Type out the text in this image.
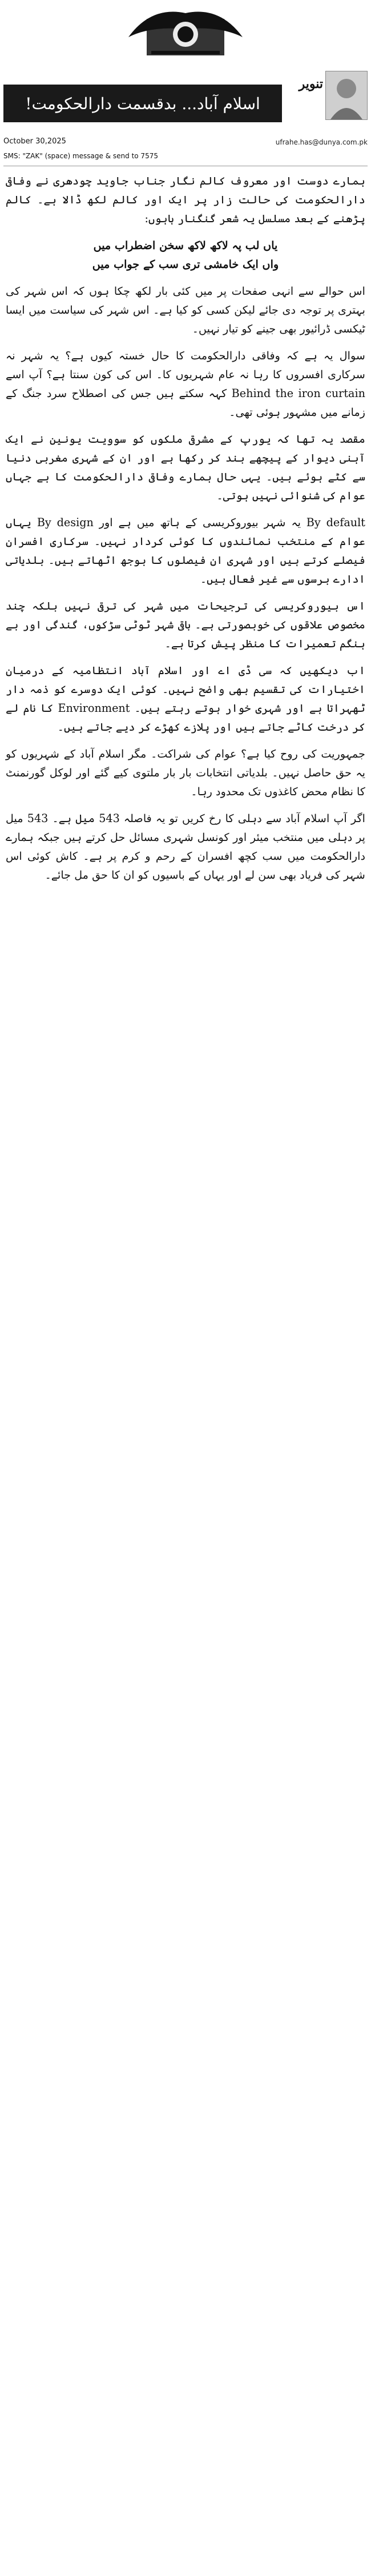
اسلام آباد... بدقسمت دارالحکومت!
تنویر
ufrahe.has@dunya.com.pk
October 30,2025
SMS: "ZAK" (space) message & send to 7575

ہمارے دوست اور معروف کالم نگار جناب جاوید چودھری نے وفاقی دارالحکومت کی حالت زار پر ایک اور کالم لکھ ڈالا ہے۔ کالم پڑھنے کے بعد مسلسل یہ شعر گنگنار ہاہوں:

یاں لب پہ لاکھ لاکھ سخن اضطراب میں

واں ایک خامشی تری سب کے جواب میں

اس حوالے سے انہی صفحات پر میں کئی بار لکھ چکا ہوں کہ اس شہر کی بہتری پر توجہ دی جائے لیکن کسی کو کیا ہے۔ اس شہر کی سیاست میں ایسا ٹیکسی ڈرائیور بھی جینے کو تیار نہیں۔

سوال یہ ہے کہ وفاقی دارالحکومت کا حال خستہ کیوں ہے؟ یہ شہر نہ سرکاری افسروں کا رہا نہ عام شہریوں کا۔ اس کی کون سنتا ہے؟ آپ اسے Behind the iron curtain کہہ سکتے ہیں جس کی اصطلاح سرد جنگ کے زمانے میں مشہور ہوئی تھی۔

مقصد یہ تھا کہ یورپ کے مشرقی ملکوں کو سوویت یونین نے ایک آہنی دیوار کے پیچھے بند کر رکھا ہے اور ان کے شہری مغربی دنیا سے کٹے ہوئے ہیں۔ یہی حال ہمارے وفاقی دارالحکومت کا ہے جہاں عوام کی شنوائی نہیں ہوتی۔

By default یہ شہر بیوروکریسی کے ہاتھ میں ہے اور By design یہاں عوام کے منتخب نمائندوں کا کوئی کردار نہیں۔ سرکاری افسران فیصلے کرتے ہیں اور شہری ان فیصلوں کا بوجھ اٹھاتے ہیں۔ بلدیاتی ادارے برسوں سے غیر فعال ہیں۔

اس بیوروکریسی کی ترجیحات میں شہر کی ترقی نہیں بلکہ چند مخصوص علاقوں کی خوبصورتی ہے۔ باقی شہر ٹوٹی سڑکوں، گندگی اور بے ہنگم تعمیرات کا منظر پیش کرتا ہے۔

اب دیکھیں کہ سی ڈی اے اور اسلام آباد انتظامیہ کے درمیان اختیارات کی تقسیم بھی واضح نہیں۔ کوئی ایک دوسرے کو ذمہ دار ٹھہراتا ہے اور شہری خوار ہوتے رہتے ہیں۔ Environment کا نام لے کر درخت کاٹے جاتے ہیں اور پلازے کھڑے کر دیے جاتے ہیں۔

جمہوریت کی روح کیا ہے؟ عوام کی شراکت۔ مگر اسلام آباد کے شہریوں کو یہ حق حاصل نہیں۔ بلدیاتی انتخابات بار بار ملتوی کیے گئے اور لوکل گورنمنٹ کا نظام محض کاغذوں تک محدود رہا۔

اگر آپ اسلام آباد سے دہلی کا رخ کریں تو یہ فاصلہ 543 میل ہے۔ 543 میل پر دہلی میں منتخب میئر اور کونسل شہری مسائل حل کرتے ہیں جبکہ ہمارے دارالحکومت میں سب کچھ افسران کے رحم و کرم پر ہے۔ کاش کوئی اس شہر کی فریاد بھی سن لے اور یہاں کے باسیوں کو ان کا حق مل جائے۔
